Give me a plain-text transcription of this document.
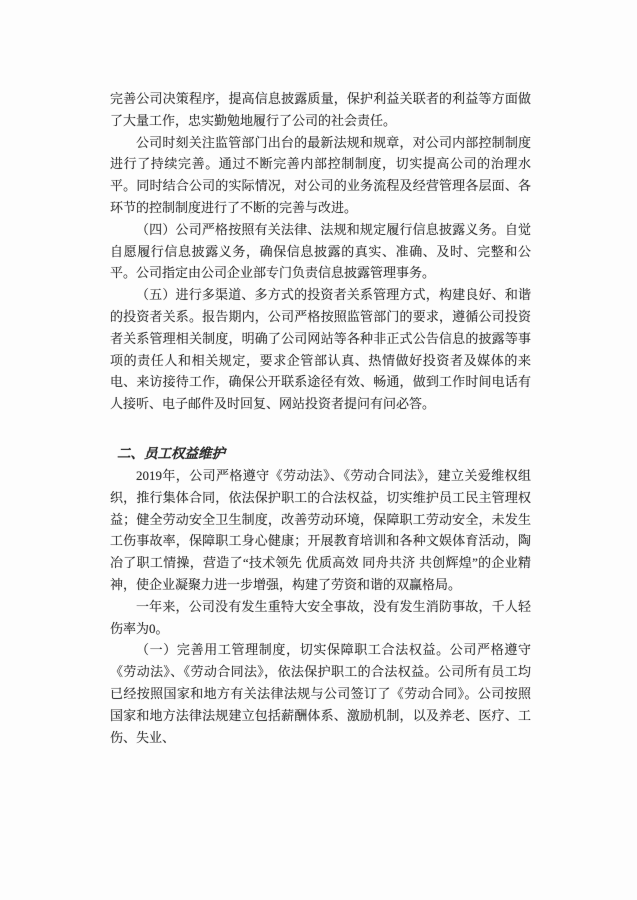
完善公司决策程序，提高信息披露质量，保护利益关联者的利益等方面做了大量工作，忠实勤勉地履行了公司的社会责任。

公司时刻关注监管部门出台的最新法规和规章，对公司内部控制制度进行了持续完善。通过不断完善内部控制制度，切实提高公司的治理水平。同时结合公司的实际情况，对公司的业务流程及经营管理各层面、各环节的控制制度进行了不断的完善与改进。

（四）公司严格按照有关法律、法规和规定履行信息披露义务。自觉自愿履行信息披露义务，确保信息披露的真实、准确、及时、完整和公平。公司指定由公司企业部专门负责信息披露管理事务。

（五）进行多渠道、多方式的投资者关系管理方式，构建良好、和谐的投资者关系。报告期内，公司严格按照监管部门的要求，遵循公司投资者关系管理相关制度，明确了公司网站等各种非正式公告信息的披露等事项的责任人和相关规定，要求企管部认真、热情做好投资者及媒体的来电、来访接待工作，确保公开联系途径有效、畅通，做到工作时间电话有人接听、电子邮件及时回复、网站投资者提问有问必答。

二、员工权益维护

2019年，公司严格遵守《劳动法》、《劳动合同法》，建立关爱维权组织，推行集体合同，依法保护职工的合法权益，切实维护员工民主管理权益；健全劳动安全卫生制度，改善劳动环境，保障职工劳动安全，未发生工伤事故率，保障职工身心健康；开展教育培训和各种文娱体育活动，陶冶了职工情操，营造了“技术领先 优质高效 同舟共济 共创辉煌”的企业精神，使企业凝聚力进一步增强，构建了劳资和谐的双赢格局。

一年来，公司没有发生重特大安全事故，没有发生消防事故，千人轻伤率为0。

（一）完善用工管理制度，切实保障职工合法权益。公司严格遵守《劳动法》、《劳动合同法》，依法保护职工的合法权益。公司所有员工均已经按照国家和地方有关法律法规与公司签订了《劳动合同》。公司按照国家和地方法律法规建立包括薪酬体系、激励机制，以及养老、医疗、工伤、失业、
